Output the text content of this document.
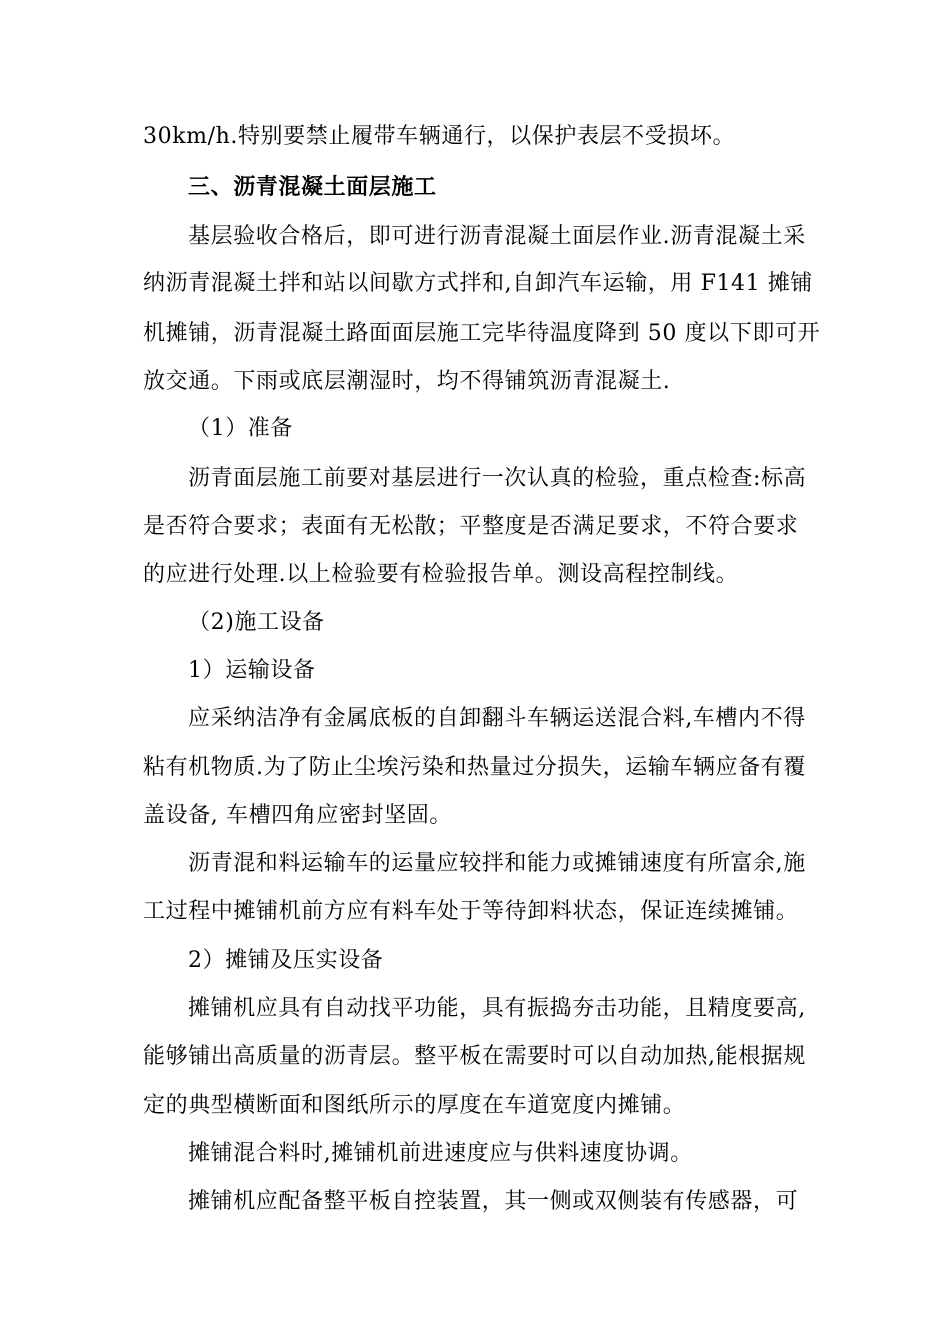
30km/h.特别要禁止履带车辆通行，以保护表层不受损坏。
三、沥青混凝土面层施工
基层验收合格后，即可进行沥青混凝土面层作业.沥青混凝土采
纳沥青混凝土拌和站以间歇方式拌和,自卸汽车运输，用 F141 摊铺
机摊铺，沥青混凝土路面面层施工完毕待温度降到 50 度以下即可开
放交通。下雨或底层潮湿时，均不得铺筑沥青混凝土.
（1）准备
沥青面层施工前要对基层进行一次认真的检验，重点检查:标高
是否符合要求；表面有无松散；平整度是否满足要求，不符合要求
的应进行处理.以上检验要有检验报告单。测设高程控制线。
（2)施工设备
1）运输设备
应采纳洁净有金属底板的自卸翻斗车辆运送混合料,车槽内不得
粘有机物质.为了防止尘埃污染和热量过分损失，运输车辆应备有覆
盖设备, 车槽四角应密封坚固。
沥青混和料运输车的运量应较拌和能力或摊铺速度有所富余,施
工过程中摊铺机前方应有料车处于等待卸料状态，保证连续摊铺。
2）摊铺及压实设备
摊铺机应具有自动找平功能，具有振捣夯击功能，且精度要高,
能够铺出高质量的沥青层。整平板在需要时可以自动加热,能根据规
定的典型横断面和图纸所示的厚度在车道宽度内摊铺。
摊铺混合料时,摊铺机前进速度应与供料速度协调。
摊铺机应配备整平板自控装置，其一侧或双侧装有传感器，可
